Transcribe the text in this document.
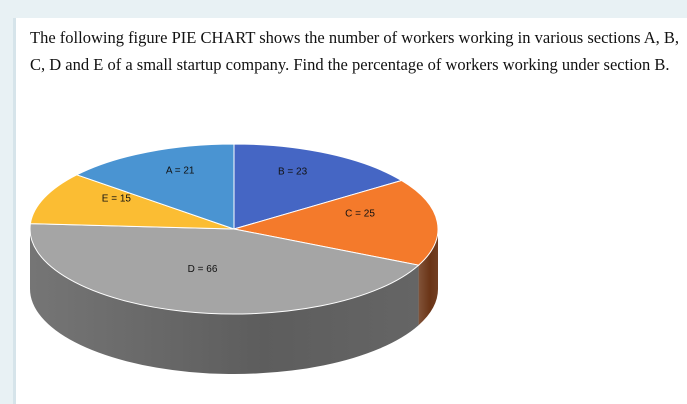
The following figure PIE CHART shows the number of workers working in various sections A, B, C, D and E of a small startup company. Find the percentage of workers working under section B.

B = 23
C = 25
D = 66
E = 15
A = 21
